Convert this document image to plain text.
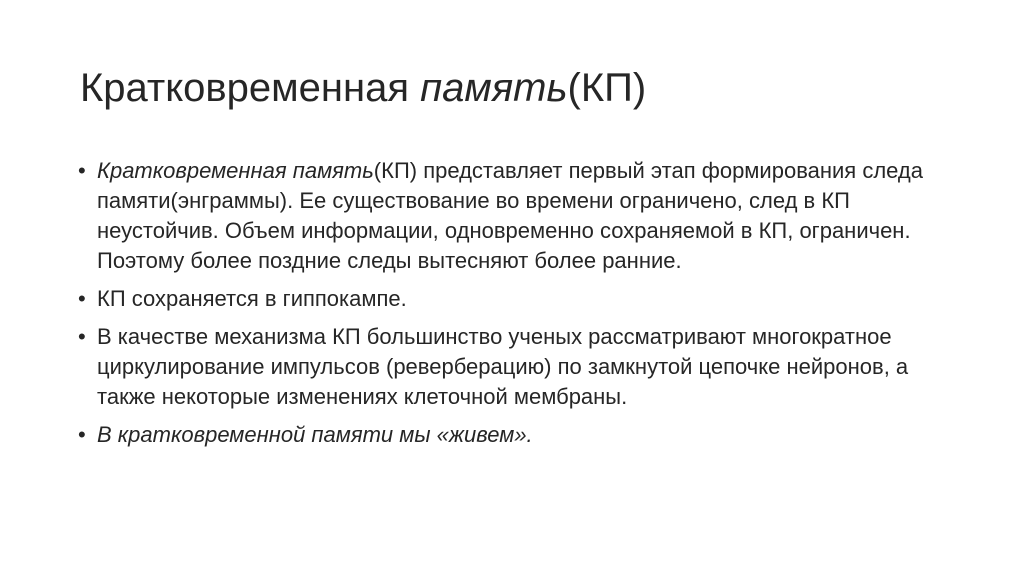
Кратковременная память(КП)
• Кратковременная память(КП) представляет первый этап формирования следа памяти(энграммы). Ее существование во времени ограничено, след в КП неустойчив. Объем информации, одновременно сохраняемой в КП, ограничен. Поэтому более поздние следы вытесняют более ранние.
• КП сохраняется в гиппокампе.
• В качестве механизма КП большинство ученых рассматривают многократное циркулирование импульсов (реверберацию) по замкнутой цепочке нейронов, а также некоторые изменениях клеточной мембраны.
• В кратковременной памяти мы «живем».
